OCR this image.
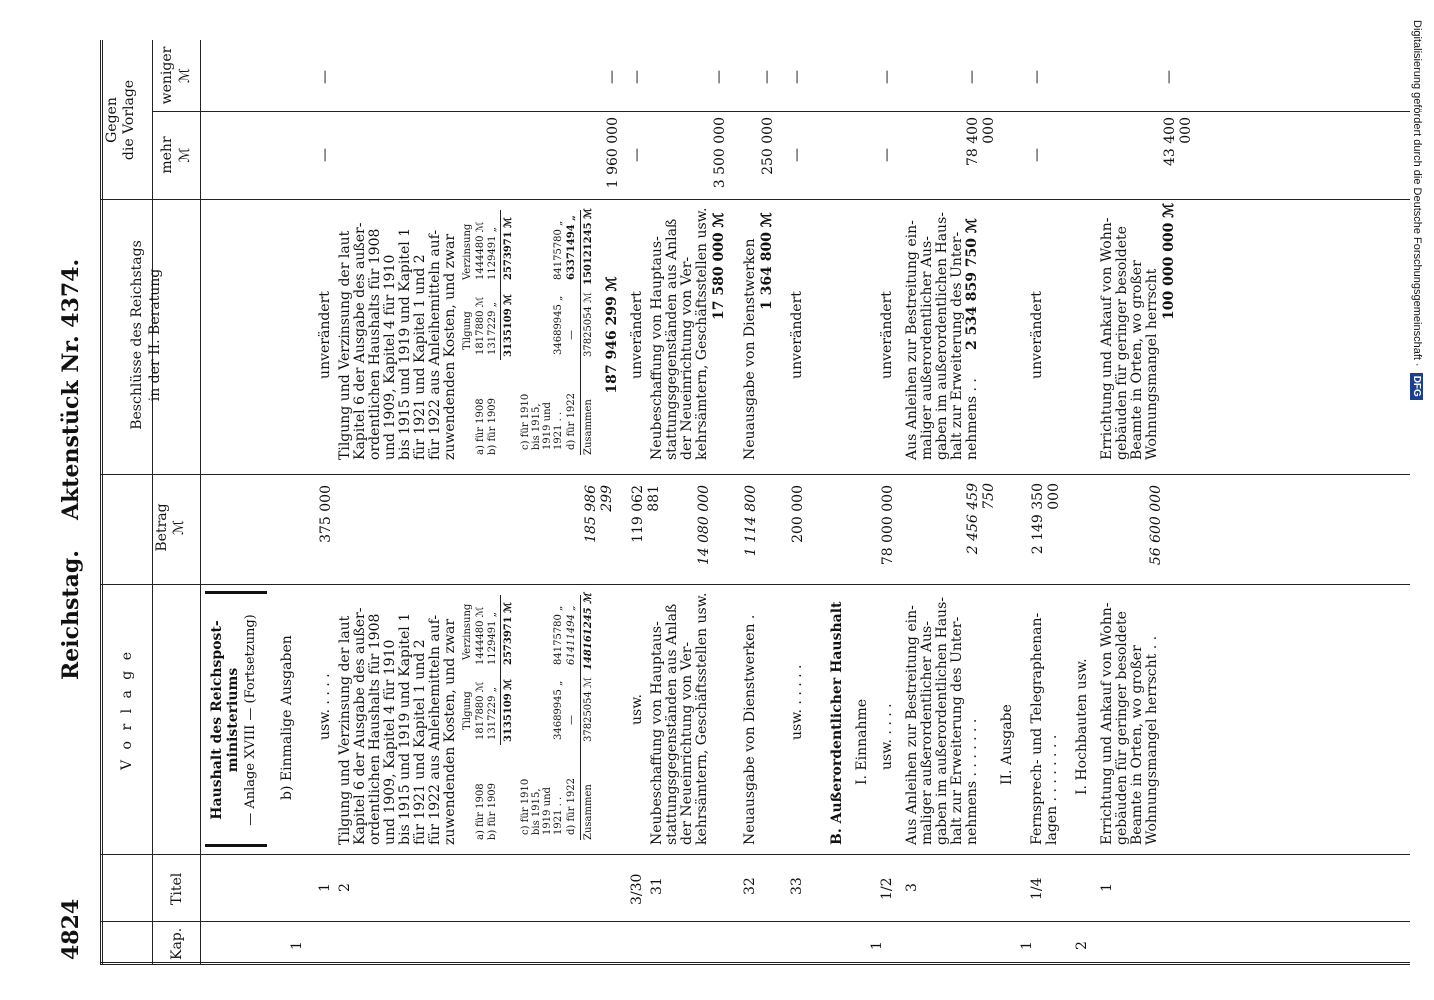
4824
Reichstag.
Aktenstück Nr. 4374.
Kap.
Titel
V o r l a g e
Betrag ℳ
Beschlüsse des Reichstags in der II. Beratung
Gegen die Vorlage mehr
weniger
ℳ
ℳ
Haushalt des Reichspost- ministeriums — Anlage XVIII — (Fortsetzung) b) Einmalige Ausgaben
1
1
usw. . . . .
375 000
unverändert
—
—
2
Tilgung und Verzinsung der laut Kapitel 6 der Ausgabe des außer- ordentlichen Haushalts für 1908 und 1909, Kapitel 4 für 1910 bis 1915 und 1919 und Kapitel 1 für 1921 und Kapitel 1 und 2 für 1922 aus Anleihemitteln auf- zuwendenden Kosten, und zwar Tilgung
Verzinsung
a) für 1908
1817880 ℳ
1444480 ℳ
b) für 1909
1317229 „
1129491 „
3135109 ℳ
2573971 ℳ
c) für 1910 bis 1915, 1919 und 1921 . .
34689945 „
84175780 „
d) für 1922
—
61411494 „
Zusammen
37825054 ℳ
148161245 ℳ
185 986 299
Tilgung und Verzinsung der laut Kapitel 6 der Ausgabe des außer- ordentlichen Haushalts für 1908 und 1909, Kapitel 4 für 1910 bis 1915 und 1919 und Kapitel 1 für 1921 und Kapitel 1 und 2 für 1922 aus Anleihemitteln auf- zuwendenden Kosten, und zwar Tilgung
Verzinsung
a) für 1908
1817880 ℳ
1444480 ℳ
b) für 1909
1317229 „
1129491 „
3135109 ℳ
2573971 ℳ
c) für 1910 bis 1915, 1919 und 1921 . .
34689945 „
84175780 „
d) für 1922
—
63371494 „
Zusammen
37825054 ℳ
150121245 ℳ
187 946 299 ℳ
1 960 000
—
3/30
usw.
119 062 881
unverändert
—
—
31
Neubeschaffung von Hauptaus- stattungsgegenständen aus Anlaß der Neueinrichtung von Ver- kehrsämtern, Geschäftsstellen usw.
14 080 000
Neubeschaffung von Hauptaus- stattungsgegenständen aus Anlaß der Neueinrichtung von Ver- kehrsämtern, Geschäftsstellen usw. 17 580 000 ℳ
3 500 000
—
32
Neuausgabe von Dienstwerken .
1 114 800
Neuausgabe von Dienstwerken 1 364 800 ℳ
250 000
—
33
usw. . . . . .
200 000
unverändert
—
—
B. Außerordentlicher Haushalt I. Einnahme
1
1/2
usw. . . . .
78 000 000
unverändert
—
—
3
Aus Anleihen zur Bestreitung ein- maliger außerordentlicher Aus- gaben im außerordentlichen Haus- halt zur Erweiterung des Unter- nehmens . . . . . . .
2 456 459 750
Aus Anleihen zur Bestreitung ein- maliger außerordentlicher Aus- gaben im außerordentlichen Haus- halt zur Erweiterung des Unter- nehmens . .
2 534 859 750 ℳ
78 400 000
—
II. Ausgabe
1
1/4
Fernsprech- und Telegraphenan- lagen . . . . . . . .
2 149 350 000
unverändert
—
—
2
I. Hochbauten usw.
1
Errichtung und Ankauf von Wohn- gebäuden für geringer besoldete Beamte in Orten, wo großer Wohnungsmangel herrscht . .
56 600 000
Errichtung und Ankauf von Wohn- gebäuden für geringer besoldete Beamte in Orten, wo großer Wohnungsmangel herrscht
100 000 000 ℳ
43 400 000
—	Digitalisierung gefördert durch die Deutsche Forschungsgemeinschaft ·
DFG
